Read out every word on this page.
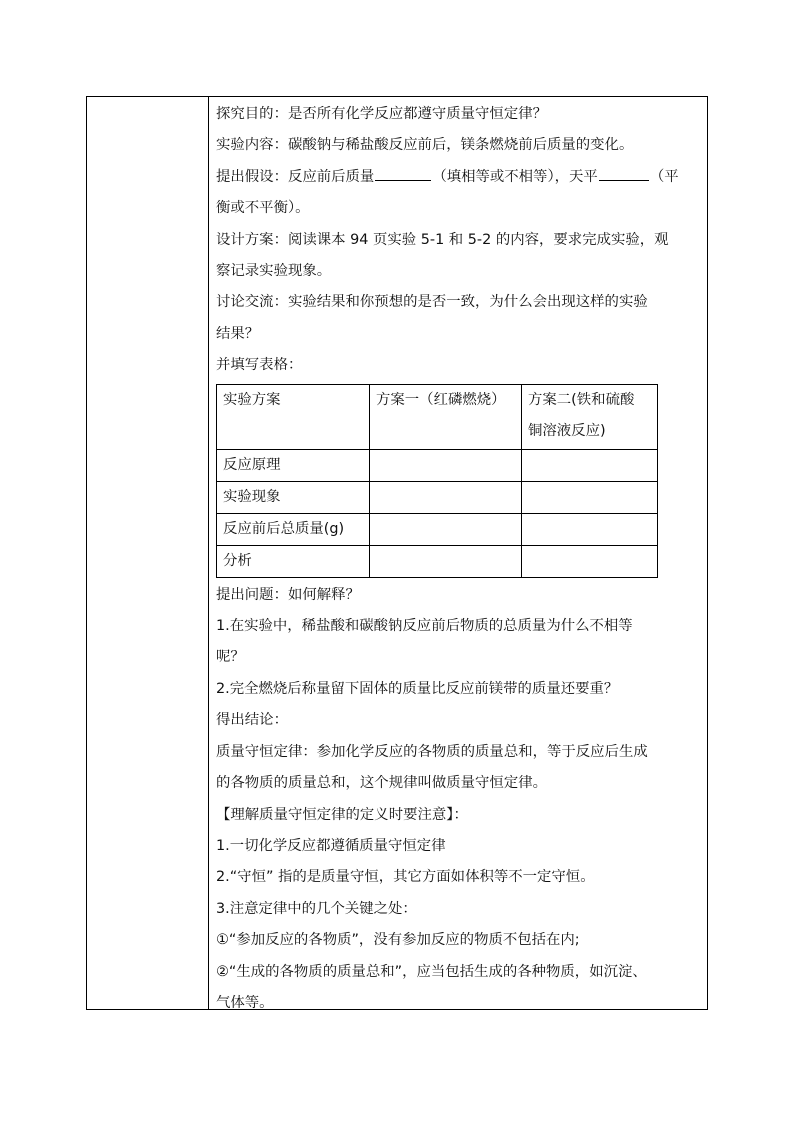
探究目的：是否所有化学反应都遵守质量守恒定律？
实验内容：碳酸钠与稀盐酸反应前后，镁条燃烧前后质量的变化。
提出假设：反应前后质量	（填相等或不相等），天平	（平
衡或不平衡）。
设计方案：阅读课本 94 页实验 5-1 和 5-2 的内容，要求完成实验，观
察记录实验现象。
讨论交流：实验结果和你预想的是否一致，为什么会出现这样的实验
结果？
并填写表格：
实验方案	方案一（红磷燃烧）	方案二(铁和硫酸
铜溶液反应)

反应原理		
实验现象		
反应前后总质量(g)		
分析		
提出问题：如何解释？
1.在实验中，稀盐酸和碳酸钠反应前后物质的总质量为什么不相等
呢？
2.完全燃烧后称量留下固体的质量比反应前镁带的质量还要重？
得出结论：
质量守恒定律：参加化学反应的各物质的质量总和，等于反应后生成
的各物质的质量总和，这个规律叫做质量守恒定律。
【理解质量守恒定律的定义时要注意】：
1.一切化学反应都遵循质量守恒定律
2.“守恒” 指的是质量守恒，其它方面如体积等不一定守恒。
3.注意定律中的几个关键之处：
①“参加反应的各物质”，没有参加反应的物质不包括在内;
②“生成的各物质的质量总和”，应当包括生成的各种物质，如沉淀、
气体等。
